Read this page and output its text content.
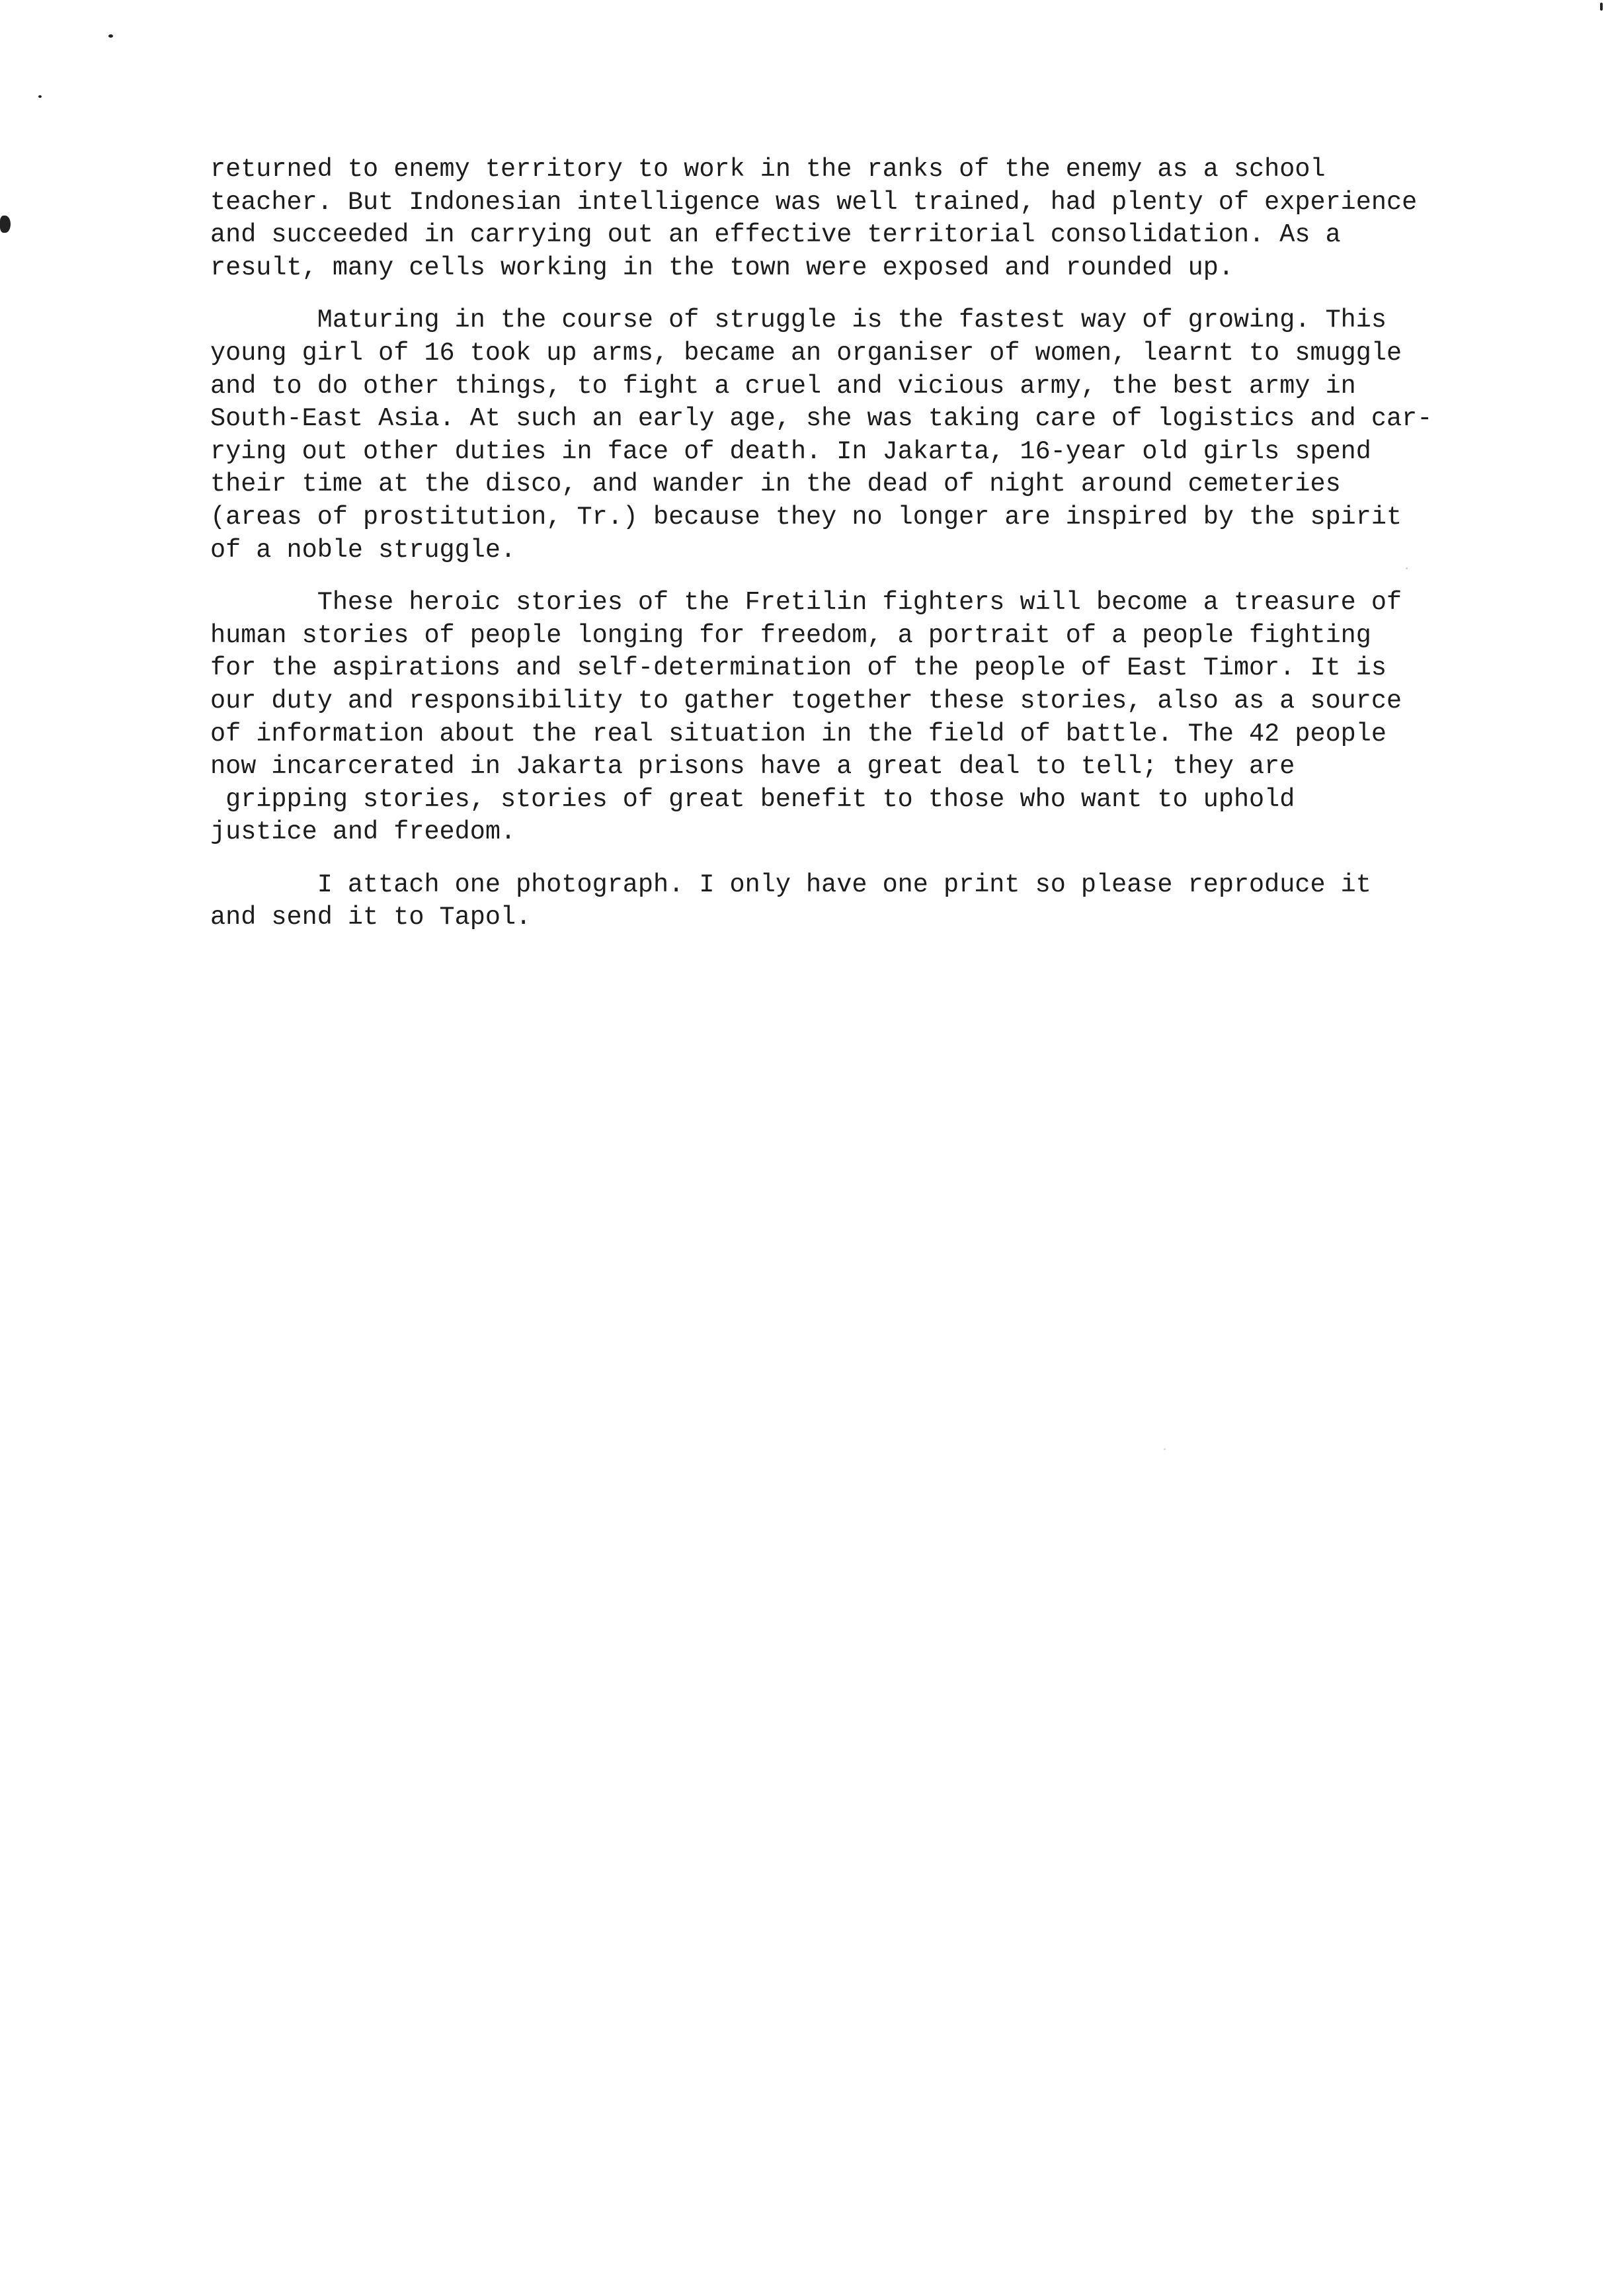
returned to enemy territory to work in the ranks of the enemy as a school
teacher. But Indonesian intelligence was well trained, had plenty of experience
and succeeded in carrying out an effective territorial consolidation. As a
result, many cells working in the town were exposed and rounded up.
Maturing in the course of struggle is the fastest way of growing. This
young girl of 16 took up arms, became an organiser of women, learnt to smuggle
and to do other things, to fight a cruel and vicious army, the best army in
South-East Asia. At such an early age, she was taking care of logistics and car-
rying out other duties in face of death. In Jakarta, 16-year old girls spend
their time at the disco, and wander in the dead of night around cemeteries
(areas of prostitution, Tr.) because they no longer are inspired by the spirit
of a noble struggle.
These heroic stories of the Fretilin fighters will become a treasure of
human stories of people longing for freedom, a portrait of a people fighting
for the aspirations and self-determination of the people of East Timor. It is
our duty and responsibility to gather together these stories, also as a source
of information about the real situation in the field of battle. The 42 people
now incarcerated in Jakarta prisons have a great deal to tell; they are
gripping stories, stories of great benefit to those who want to uphold
justice and freedom.
I attach one photograph. I only have one print so please reproduce it
and send it to Tapol.
